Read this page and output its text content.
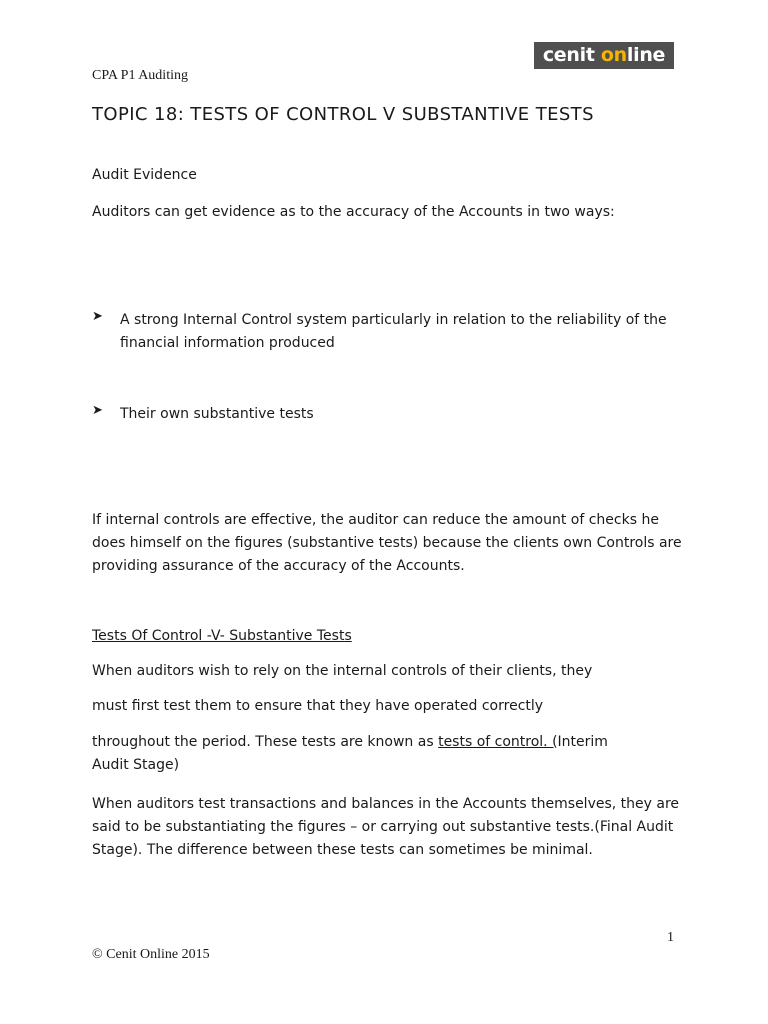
cenit online
CPA P1 Auditing
TOPIC 18: TESTS OF CONTROL V SUBSTANTIVE TESTS
Audit Evidence
Auditors can get evidence as to the accuracy of the Accounts in two ways:
➤ A strong Internal Control system particularly in relation to the reliability of the financial information produced
➤ Their own substantive tests
If internal controls are effective, the auditor can reduce the amount of checks he does himself on the figures (substantive tests) because the clients own Controls are providing assurance of the accuracy of the Accounts.
Tests Of Control -V- Substantive Tests
When auditors wish to rely on the internal controls of their clients, they
must first test them to ensure that they have operated correctly
throughout the period. These tests are known as tests of control. (Interim
Audit Stage)
When auditors test transactions and balances in the Accounts themselves, they are said to be substantiating the figures – or carrying out substantive tests.(Final Audit Stage). The difference between these tests can sometimes be minimal.
1
© Cenit Online 2015
